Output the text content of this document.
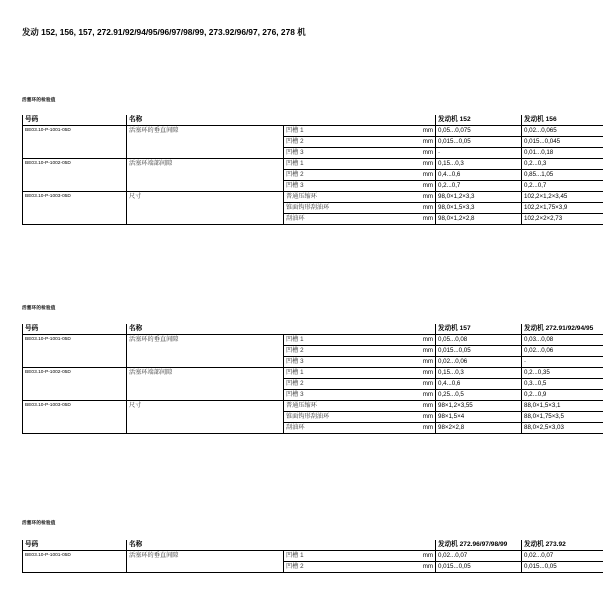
发动 152, 156, 157, 272.91/92/94/95/96/97/98/99, 273.92/96/97, 276, 278 机
活塞环的检验值
号码	名称			发动机 152	发动机 156
BE03.10-P-1001-05D	活塞环的垂直间隙	凹槽 1	mm	0,05...0,075	0,02...0,065
		凹槽 2	mm	0,015...0,05	0,015...0,045
		凹槽 3	mm	-	0,01...0,18
BE03.10-P-1002-05D	活塞环端部间隙	凹槽 1	mm	0,15...0,3	0,2...0,3
		凹槽 2	mm	0,4...0,6	0,85...1,05
		凹槽 3	mm	0,2...0,7	0,2...0,7
BE03.10-P-1003-05D	尺寸	普通压缩环	mm	98,0×1,2×3,3	102,2×1,2×3,45
		锥面钩形刮油环	mm	98,0×1,5×3,3	102,2×1,75×3,9
		刮油环	mm	98,0×1,2×2,8	102,2×2×2,73
活塞环的检验值
号码	名称			发动机 157	发动机 272.91/92/94/95
BE03.10-P-1001-05D	活塞环的垂直间隙	凹槽 1	mm	0,05...0,08	0,03...0,08
		凹槽 2	mm	0,015...0,05	0,02...0,06
		凹槽 3	mm	0,02...0,06	-
BE03.10-P-1002-05D	活塞环端部间隙	凹槽 1	mm	0,15...0,3	0,2...0,35
		凹槽 2	mm	0,4...0,6	0,3...0,5
		凹槽 3	mm	0,25...0,5	0,2...0,9
BE03.10-P-1003-05D	尺寸	普通压缩环	mm	98×1,2×3,55	88,0×1,5×3,1
		锥面钩形刮油环	mm	98×1,5×4	88,0×1,75×3,5
		刮油环	mm	98×2×2,8	88,0×2,5×3,03
活塞环的检验值
号码	名称			发动机 272.96/97/98/99	发动机 273.92
BE03.10-P-1001-05D	活塞环的垂直间隙	凹槽 1	mm	0,02...0,07	0,02...0,07
		凹槽 2	mm	0,015...0,05	0,015...0,05
